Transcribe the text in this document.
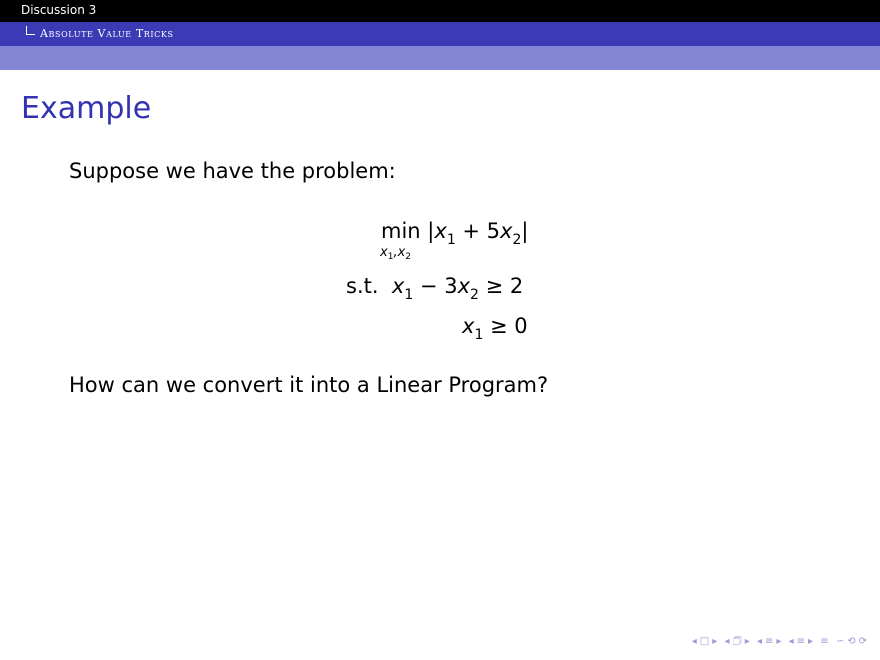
Discussion 3
Absolute Value Tricks
Example
Suppose we have the problem:
$\min |x_1 + 5x_2|$
$x_1,x_2$
s.t. $x_1 - 3x_2 \ge 2$
$x_1 \ge 0$
How can we convert it into a Linear Program?
◂ □ ▸ ◂ 🗇 ▸ ◂ ≡ ▸ ◂ ≡ ▸ ≡ ∽ ⟲ ⟳
